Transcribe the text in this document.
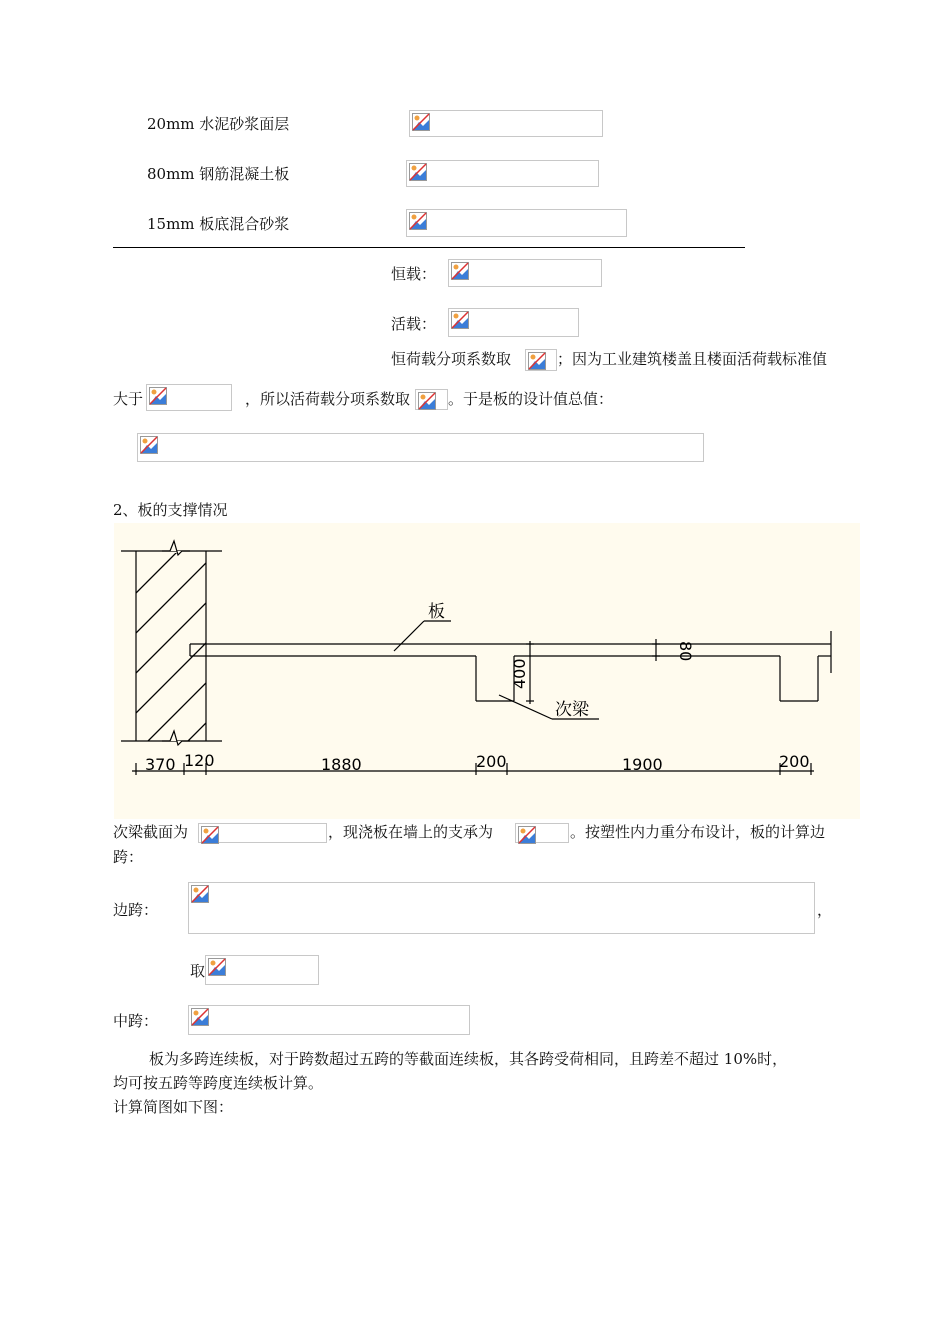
20mm 水泥砂浆面层
80mm 钢筋混凝土板
15mm 板底混合砂浆
恒载：
活载：
恒荷载分项系数取	；因为工业建筑楼盖且楼面活荷载标准值
大于	，所以活荷载分项系数取	。于是板的设计值总值：
2、板的支撑情况
板
次梁
400
80
370 120	1880	200	1900	200
次梁截面为	，现浇板在墙上的支承为	。按塑性内力重分布设计，板的计算边
跨：
边跨：	，
取
中跨：
板为多跨连续板，对于跨数超过五跨的等截面连续板，其各跨受荷相同，且跨差不超过 10%时，
均可按五跨等跨度连续板计算。
计算简图如下图：
